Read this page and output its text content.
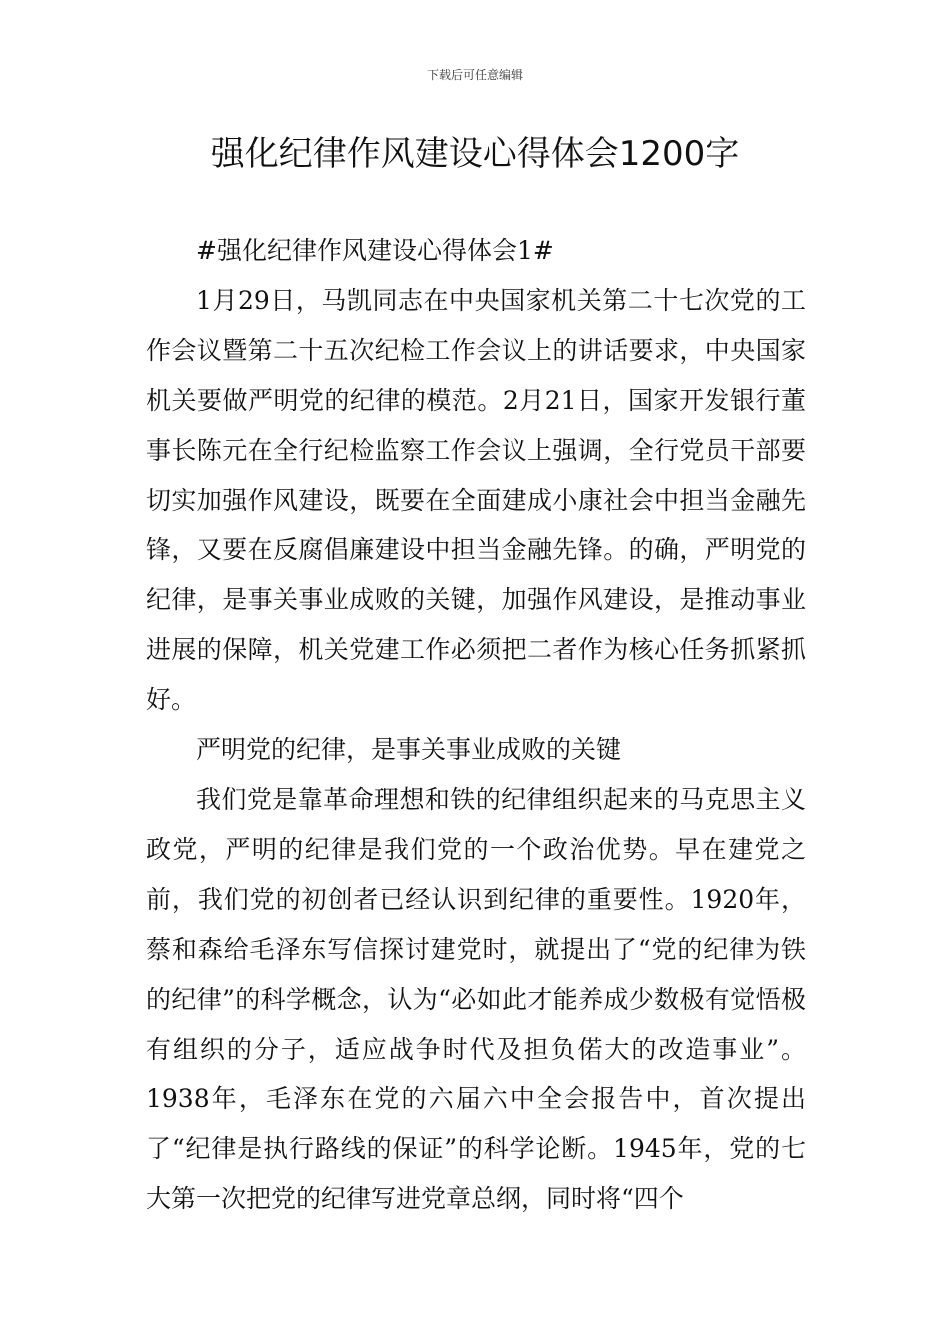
下载后可任意编辑
强化纪律作风建设心得体会1200字

#强化纪律作风建设心得体会1#

1月29日，马凯同志在中央国家机关第二十七次党的工作会议暨第二十五次纪检工作会议上的讲话要求，中央国家机关要做严明党的纪律的模范。2月21日，国家开发银行董事长陈元在全行纪检监察工作会议上强调，全行党员干部要切实加强作风建设，既要在全面建成小康社会中担当金融先锋，又要在反腐倡廉建设中担当金融先锋。的确，严明党的纪律，是事关事业成败的关键，加强作风建设，是推动事业进展的保障，机关党建工作必须把二者作为核心任务抓紧抓好。

严明党的纪律，是事关事业成败的关键

我们党是靠革命理想和铁的纪律组织起来的马克思主义政党，严明的纪律是我们党的一个政治优势。早在建党之前，我们党的初创者已经认识到纪律的重要性。1920年，蔡和森给毛泽东写信探讨建党时，就提出了“党的纪律为铁的纪律”的科学概念，认为“必如此才能养成少数极有觉悟极有组织的分子，适应战争时代及担负偌大的改造事业”。1938年，毛泽东在党的六届六中全会报告中，首次提出了“纪律是执行路线的保证”的科学论断。1945年，党的七大第一次把党的纪律写进党章总纲，同时将“四个
